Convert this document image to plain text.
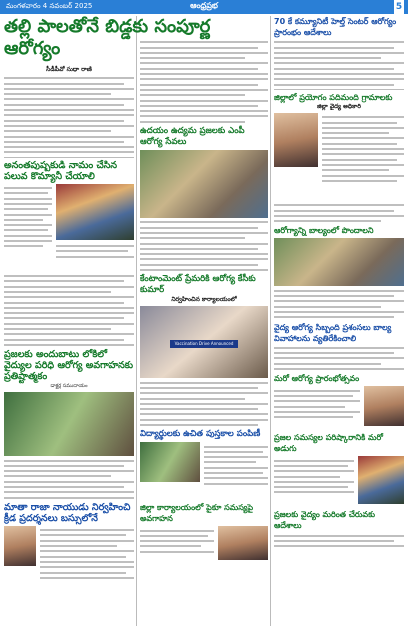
మంగళవారం 4 నవంబర్ 2025	ఆంధ్రప్రభ	5
తల్లి పాలతోనే బిడ్డకు సంపూర్ణ ఆరోగ్యం
సీడీపీవో సుధా రాణి
అనంతపుష్పకుడి నామం చేసిన పలువ కొమ్యానీ చేయాలి
ప్రజలకు అందుబాటు లోకిలో వైద్యుల పరిధి ఆరోగ్య అవగాహనకు ప్రతిష్టాత్మకం
డాక్టర్ల సముదాయం
మాతా రాజా నాయుడు నిర్వహించి క్రీడ ప్రదర్శనలు బస్సులోనే
ఉదయం ఉద్యమ ప్రజలకు ఎంపీ ఆరోగ్య సేవలు
కేంటాంమెంట్ ప్రేమరికి ఆరోగ్య కేసీకు కుమార్
నిర్వహించిన కార్యాలయంలో
Vaccination Drive Announced
విద్యార్థులకు ఉచిత పుస్తకాల పంపిణీ
జిల్లా కార్యాలయంలో పైకూ సమస్యపై అవగాహన
70 కే కమ్యూనిటీ హెల్త్ సెంటర్ ఆరోగ్యం ప్రారంభం ఆదేశాలు
జిల్లాలో ప్రయోగం పదిమంది గ్రామాలకు
జిల్లా వైద్య అధికారి
ఆరోగ్యాన్ని బాల్యంలో పొందాలని
వైద్య ఆరోగ్య సిబ్బంది ప్రశంసలు బాల్య వివాహాలను వ్యతిరేకించాలి
మరో ఆరోగ్య ప్రారంభోత్సవం
ప్రజల సమస్యల పరిష్కారానికి మరో అడుగు
ప్రజలకు వైద్యం మరింత చేరువకు ఆదేశాలు
